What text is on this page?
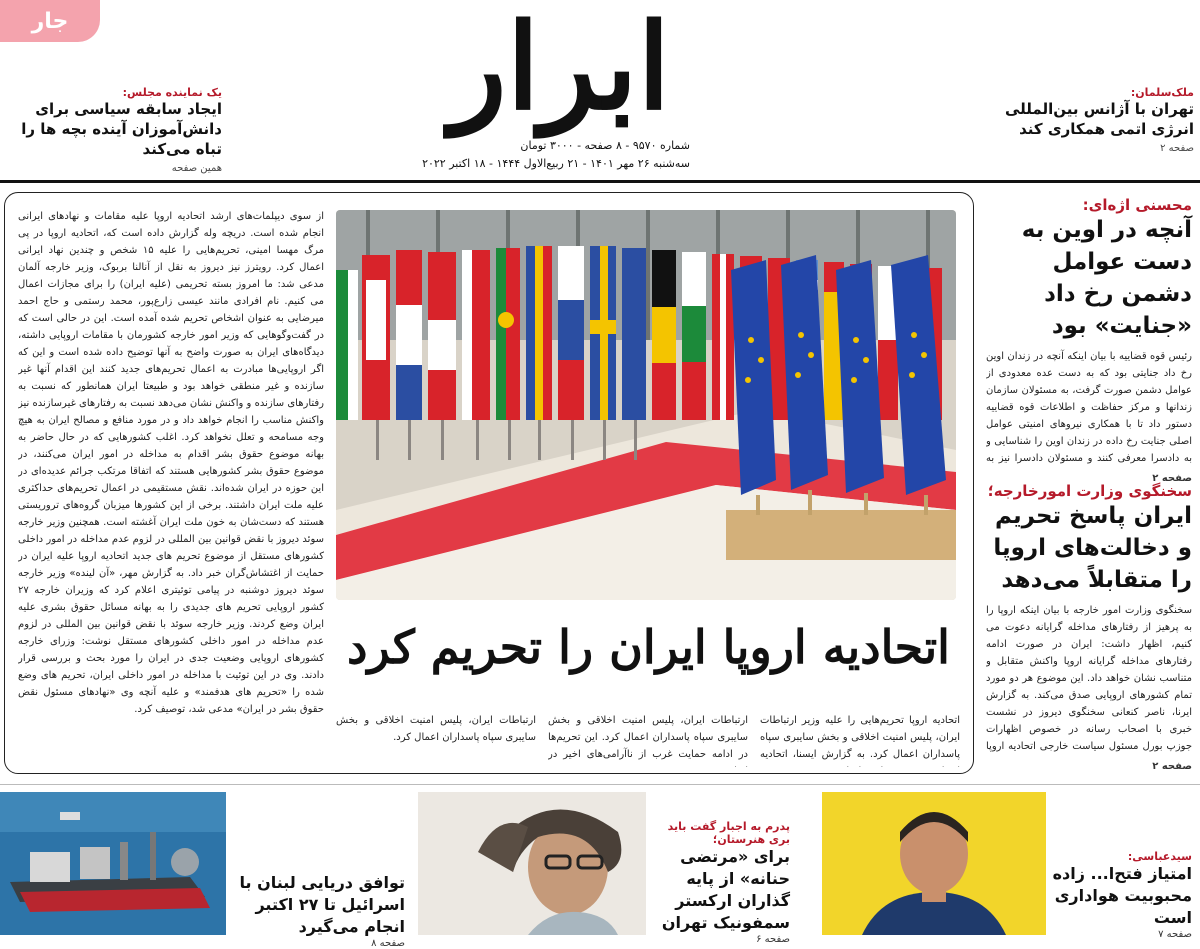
جار	ابرار
شماره ۹۵۷۰ - ۸ صفحه - ۳۰۰۰ تومان
سه‌شنبه ۲۶ مهر ۱۴۰۱ - ۲۱ ربیع‌الاول ۱۴۴۴ - ۱۸ اکتبر ۲۰۲۲
ملک‌سلمان:
تهران با آژانس بین‌المللی انرژی اتمی همکاری کند
صفحه ۲
یک نماینده مجلس:
ایجاد سابقه سیاسی برای دانش‌آموزان آینده بچه ها را تباه می‌کند
همین صفحه
از سوی دیپلمات‌های ارشد اتحادیه اروپا علیه مقامات و نهادهای ایرانی انجام شده است. دریچه وله گزارش داده است که، اتحادیه اروپا در پی مرگ مهسا امینی، تحریم‌هایی را علیه ۱۵ شخص و چندین نهاد ایرانی اعمال کرد. رویترز نیز دیروز به نقل از آنالنا بربوک، وزیر خارجه آلمان مدعی شد: ما امروز بسته تحریمی (علیه ایران) را برای مجازات اعمال می کنیم. نام افرادی مانند عیسی زارع‌پور، محمد رستمی و حاج احمد میرضایی به عنوان اشخاص تحریم شده آمده است. این در حالی است که در گفت‌وگوهایی که وزیر امور خارجه کشورمان با مقامات اروپایی داشته، دیدگاه‌های ایران به صورت واضح به آنها توضیح داده شده است و این که اگر اروپایی‌ها مبادرت به اعمال تحریم‌های جدید کنند این اقدام آنها غیر سازنده و غیر منطقی خواهد بود و طبیعتا ایران همانطور که نسبت به رفتارهای سازنده و واکنش نشان می‌دهد نسبت به رفتارهای غیرسازنده نیز واکنش مناسب را انجام خواهد داد و در مورد منافع و مصالح ایران به هیچ وجه مسامحه و تعلل نخواهد کرد. اغلب کشورهایی که در حال حاضر به بهانه موضوع حقوق بشر اقدام به مداخله در امور ایران می‌کنند، در موضوع حقوق بشر کشورهایی هستند که اتفاقا مرتکب جرائم عدیده‌ای در این حوزه در ایران شده‌اند. نقش مستقیمی در اعمال تحریم‌های حداکثری علیه ملت ایران داشتند. برخی از این کشورها میزبان گروه‌های تروریستی هستند که دست‌شان به خون ملت ایران آغشته است. همچنین وزیر خارجه سوئد دیروز با نقض قوانین بین المللی در لزوم عدم مداخله در امور داخلی کشورهای مستقل از موضوع تحریم های جدید اتحادیه اروپا علیه ایران در حمایت از اغتشاش‌گران خبر داد. به گزارش مهر، «آن لینده» وزیر خارجه سوئد دیروز دوشنبه در پیامی توئیتری اعلام کرد که وزیران خارجه ۲۷ کشور اروپایی تحریم های جدیدی را به بهانه مسائل حقوق بشری علیه ایران وضع کردند. وزیر خارجه سوئد با نقض قوانین بین المللی در لزوم عدم مداخله در امور داخلی کشورهای مستقل نوشت: وزرای خارجه کشورهای اروپایی وضعیت جدی در ایران را مورد بحث و بررسی قرار دادند. وی در این توئیت با مداخله در امور داخلی ایران، تحریم های وضع شده را «تحریم های هدفمند» و علیه آنچه وی «نهادهای مسئول نقض حقوق بشر در ایران» مدعی شد، توصیف کرد.
اتحادیه اروپا ایران را تحریم کرد
اتحادیه اروپا تحریم‌هایی را علیه وزیر ارتباطات ایران، پلیس امنیت اخلاقی و بخش سایبری سپاه پاسداران اعمال کرد. به گزارش ایسنا، اتحادیه
ارتباطات ایران، پلیس امنیت اخلاقی و بخش سایبری سپاه پاسداران اعمال کرد. این تحریم‌ها در ادامه حمایت غرب از ناآرامی‌های اخیر در
ارتباطات ایران، پلیس امنیت اخلاقی و بخش سایبری سپاه پاسداران اعمال کرد.
محسنی اژه‌ای:
آنچه در اوین به دست عوامل دشمن رخ داد «جنایت» بود
رئیس قوه قضاییه با بیان اینکه آنچه در زندان اوین رخ داد جنایتی بود که به دست عده معدودی از عوامل دشمن صورت گرفت، به مسئولان سازمان زندانها و مرکز حفاظت و اطلاعات قوه قضاییه دستور داد تا با همکاری نیروهای امنیتی عوامل اصلی جنایت رخ داده در زندان اوین را شناسایی و به دادسرا معرفی کنند و مسئولان دادسرا نیز به
صفحه ۲
سخنگوی وزارت امورخارجه؛
ایران پاسخ تحریم و دخالت‌های اروپا را متقابلاً می‌دهد
سخنگوی وزارت امور خارجه با بیان اینکه اروپا را به پرهیز از رفتارهای مداخله گرایانه دعوت می کنیم، اظهار داشت: ایران در صورت ادامه رفتارهای مداخله گرایانه اروپا واکنش متقابل و متناسب نشان خواهد داد. این موضوع هر دو مورد تمام کشورهای اروپایی صدق می‌کند. به گزارش ایرنا، ناصر کنعانی سخنگوی دیروز در نشست خبری با اصحاب رسانه در خصوص اظهارات جوزپ بورل مسئول سیاست خارجی اتحادیه اروپا
صفحه ۲
سیدعباسی:
امتیاز فتح‌ا... زاده محبوبیت هواداری است
صفحه ۷
پدرم به اجبار گفت باید بری هنرستان؛
برای «مرتضی حنانه» از پایه گذاران ارکستر سمفونیک تهران
صفحه ۶
توافق دریایی لبنان با اسرائیل تا ۲۷ اکتبر انجام می‌گیرد
صفحه ۸
